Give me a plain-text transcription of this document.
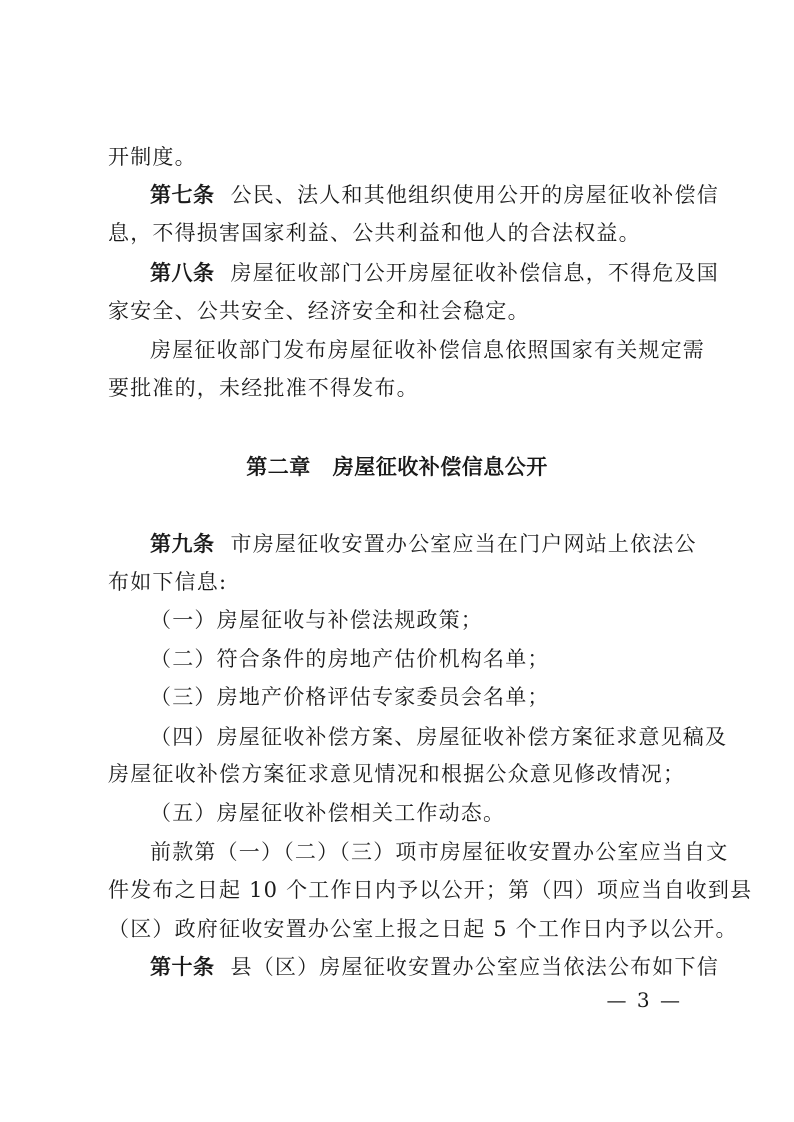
开制度。
第七条 公民、法人和其他组织使用公开的房屋征收补偿信
息，不得损害国家利益、公共利益和他人的合法权益。
第八条 房屋征收部门公开房屋征收补偿信息，不得危及国
家安全、公共安全、经济安全和社会稳定。
房屋征收部门发布房屋征收补偿信息依照国家有关规定需
要批准的，未经批准不得发布。
第二章 房屋征收补偿信息公开
第九条 市房屋征收安置办公室应当在门户网站上依法公
布如下信息:
（一）房屋征收与补偿法规政策；
（二）符合条件的房地产估价机构名单；
（三）房地产价格评估专家委员会名单；
（四）房屋征收补偿方案、房屋征收补偿方案征求意见稿及
房屋征收补偿方案征求意见情况和根据公众意见修改情况；
（五）房屋征收补偿相关工作动态。
前款第（一）（二）（三）项市房屋征收安置办公室应当自文
件发布之日起 10 个工作日内予以公开；第（四）项应当自收到县
（区）政府征收安置办公室上报之日起 5 个工作日内予以公开。
第十条 县（区）房屋征收安置办公室应当依法公布如下信
— 3 —
